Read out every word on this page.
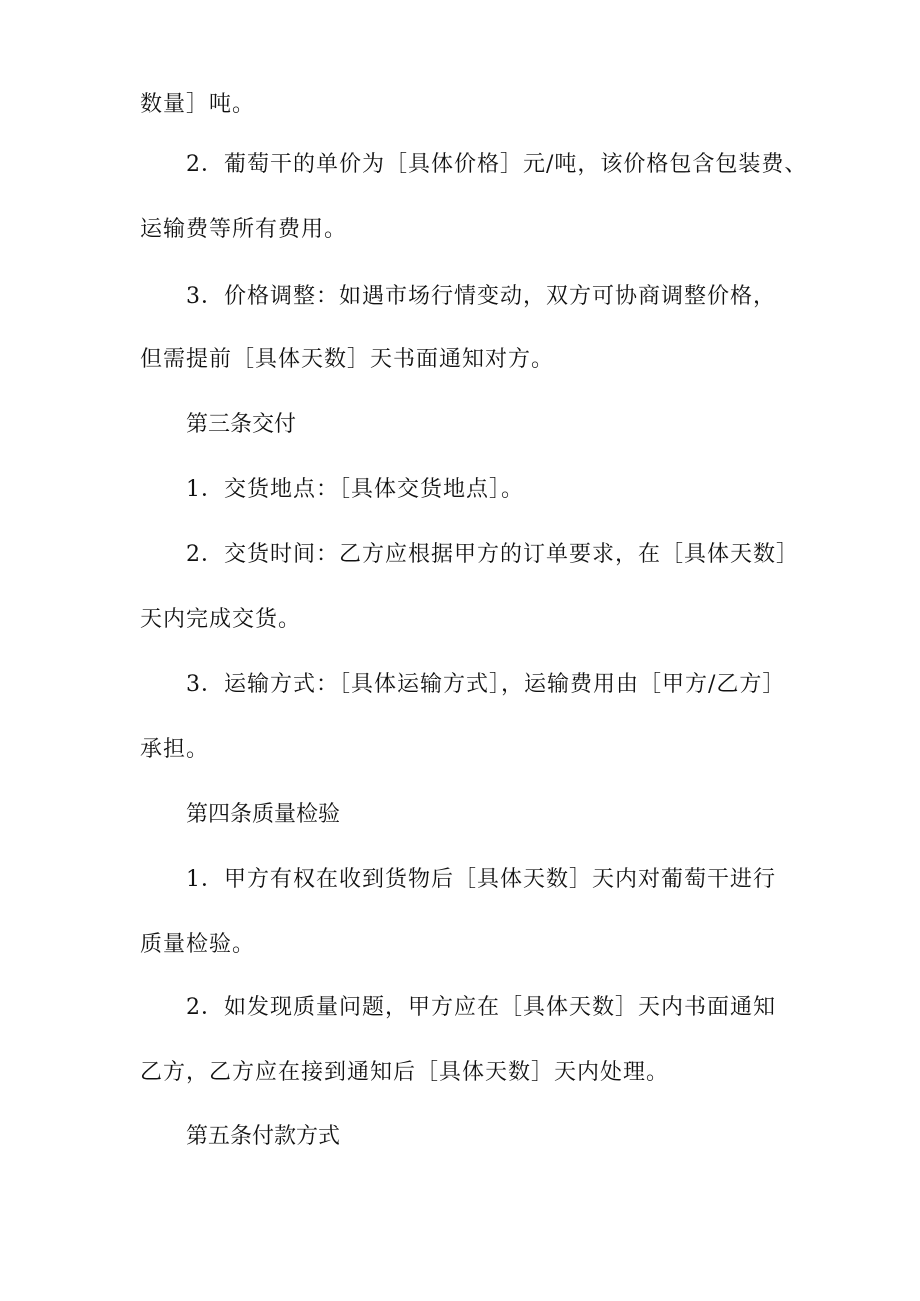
数量］吨。
2．葡萄干的单价为［具体价格］元/吨，该价格包含包装费、
运输费等所有费用。
3．价格调整：如遇市场行情变动，双方可协商调整价格，
但需提前［具体天数］天书面通知对方。
第三条交付
1．交货地点：［具体交货地点］。
2．交货时间：乙方应根据甲方的订单要求，在［具体天数］
天内完成交货。
3．运输方式：［具体运输方式］，运输费用由［甲方/乙方］
承担。
第四条质量检验
1．甲方有权在收到货物后［具体天数］天内对葡萄干进行
质量检验。
2．如发现质量问题，甲方应在［具体天数］天内书面通知
乙方，乙方应在接到通知后［具体天数］天内处理。
第五条付款方式
